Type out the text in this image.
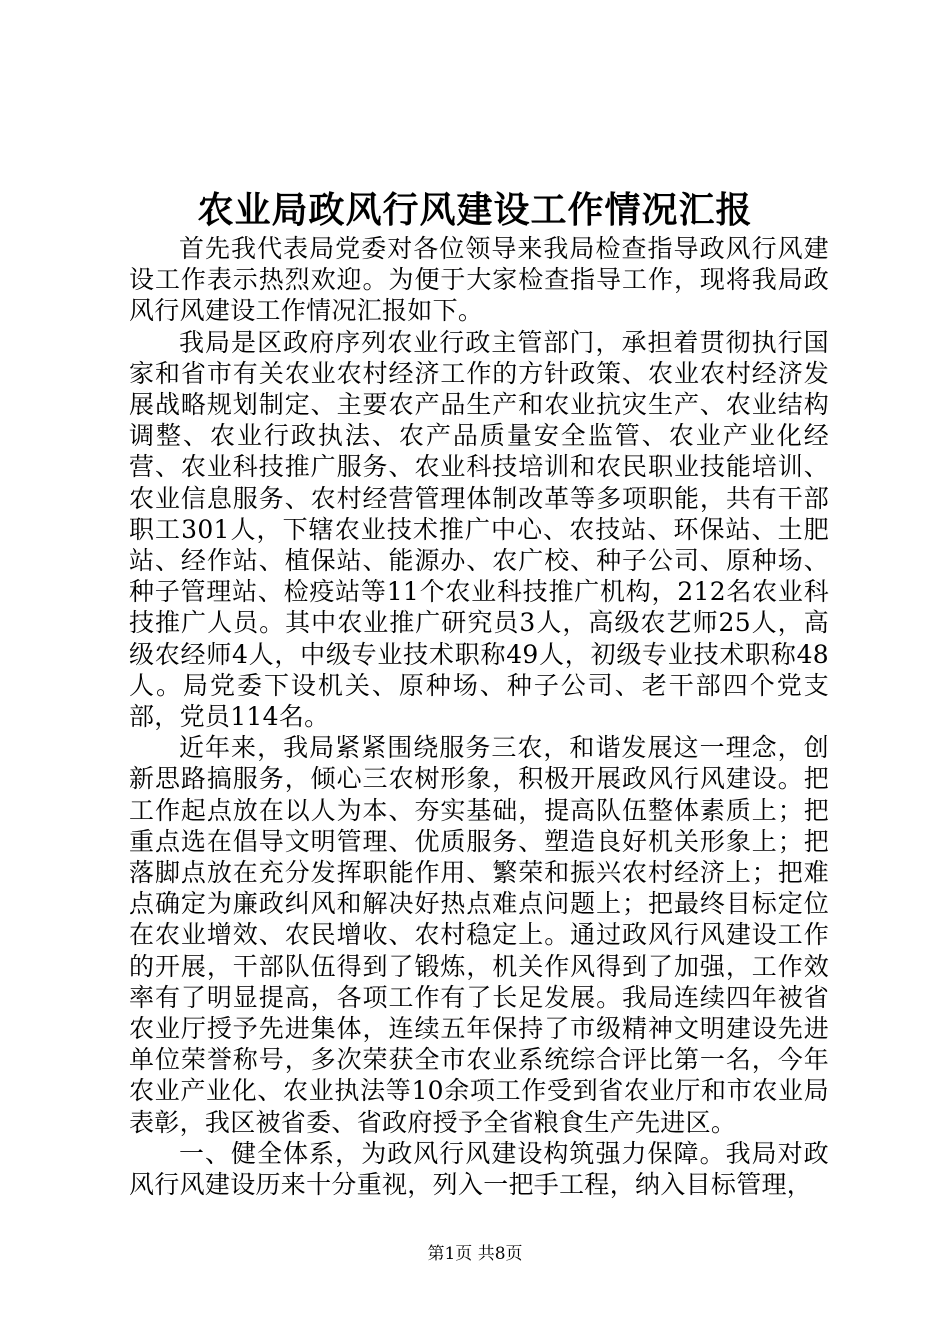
农业局政风行风建设工作情况汇报

首先我代表局党委对各位领导来我局检查指导政风行风建设工作表示热烈欢迎。为便于大家检查指导工作，现将我局政风行风建设工作情况汇报如下。

我局是区政府序列农业行政主管部门，承担着贯彻执行国家和省市有关农业农村经济工作的方针政策、农业农村经济发展战略规划制定、主要农产品生产和农业抗灾生产、农业结构调整、农业行政执法、农产品质量安全监管、农业产业化经营、农业科技推广服务、农业科技培训和农民职业技能培训、农业信息服务、农村经营管理体制改革等多项职能，共有干部职工301人，下辖农业技术推广中心、农技站、环保站、土肥站、经作站、植保站、能源办、农广校、种子公司、原种场、种子管理站、检疫站等11个农业科技推广机构，212名农业科技推广人员。其中农业推广研究员3人，高级农艺师25人，高级农经师4人，中级专业技术职称49人，初级专业技术职称48人。局党委下设机关、原种场、种子公司、老干部四个党支部，党员114名。

近年来，我局紧紧围绕服务三农，和谐发展这一理念，创新思路搞服务，倾心三农树形象，积极开展政风行风建设。把工作起点放在以人为本、夯实基础，提高队伍整体素质上；把重点选在倡导文明管理、优质服务、塑造良好机关形象上；把落脚点放在充分发挥职能作用、繁荣和振兴农村经济上；把难点确定为廉政纠风和解决好热点难点问题上；把最终目标定位在农业增效、农民增收、农村稳定上。通过政风行风建设工作的开展，干部队伍得到了锻炼，机关作风得到了加强，工作效率有了明显提高，各项工作有了长足发展。我局连续四年被省农业厅授予先进集体，连续五年保持了市级精神文明建设先进单位荣誉称号，多次荣获全市农业系统综合评比第一名，今年农业产业化、农业执法等10余项工作受到省农业厅和市农业局表彰，我区被省委、省政府授予全省粮食生产先进区。

一、健全体系，为政风行风建设构筑强力保障。我局对政风行风建设历来十分重视，列入一把手工程，纳入目标管理，

第1页 共8页
